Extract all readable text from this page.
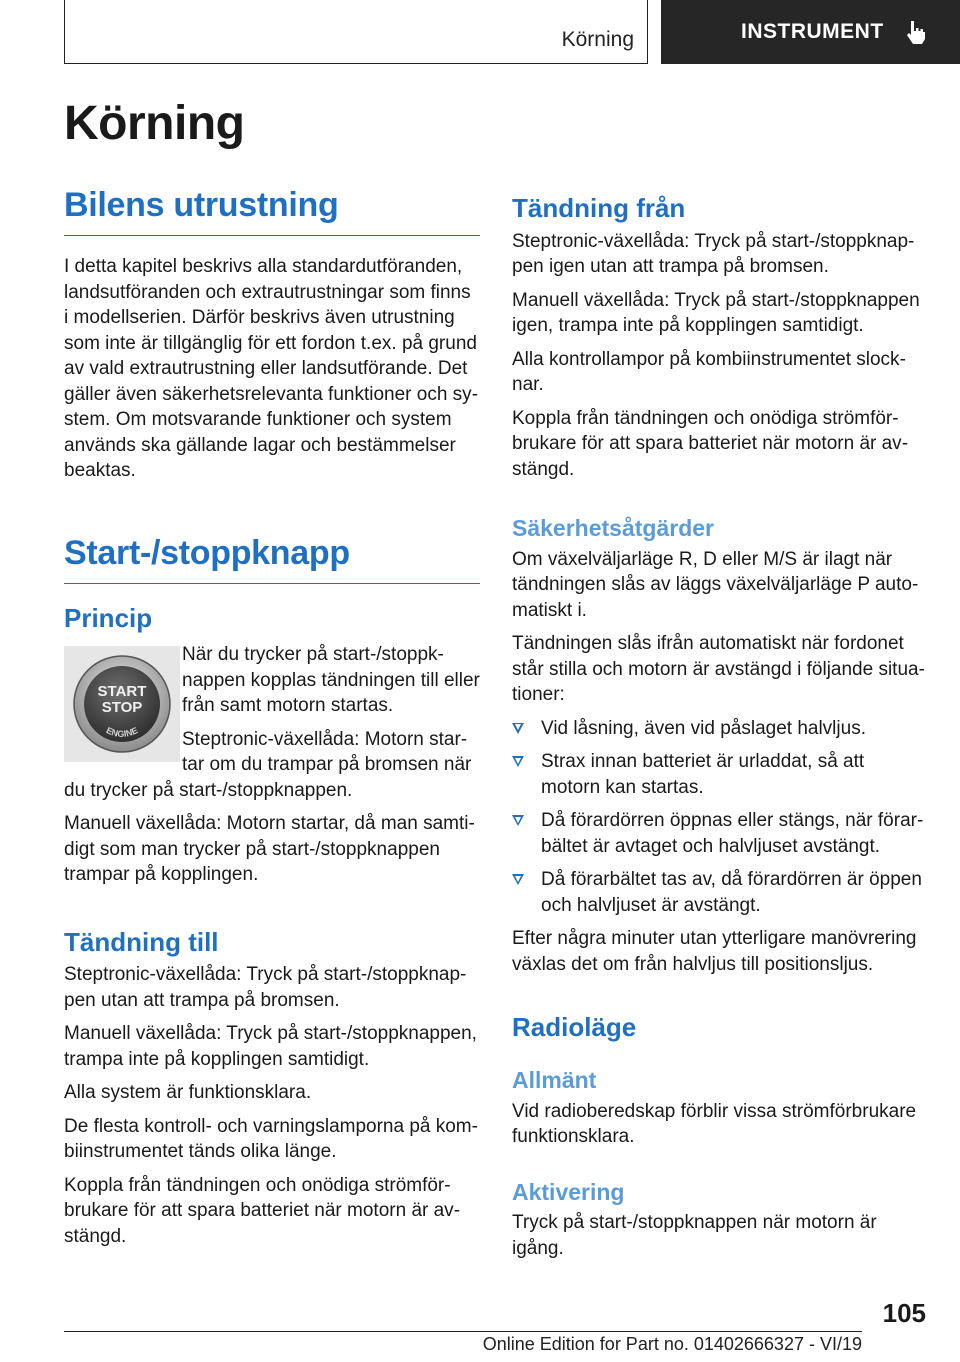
Körning	INSTRUMENT
Körning
Bilens utrustning

I detta kapitel beskrivs alla standardutföranden, landsutföranden och extrautrustningar som finns i modellserien. Därför beskrivs även utrustning som inte är tillgänglig för ett fordon t.ex. på grund av vald extrautrustning eller landsutförande. Det gäller även säkerhetsrelevanta funktioner och system. Om motsvarande funktioner och system används ska gällande lagar och bestämmelser beaktas.

Start-/stoppknapp
Princip
START
STOP
ENGINE

När du trycker på start-/stoppknappen kopplas tändningen till eller från samt motorn startas.

Steptronic-växellåda: Motorn startar om du trampar på bromsen när du trycker på start-/stoppknappen.

Manuell växellåda: Motorn startar, då man samtidigt som man trycker på start-/stoppknappen trampar på kopplingen.

Tändning till

Steptronic-växellåda: Tryck på start-/stoppknappen utan att trampa på bromsen.

Manuell växellåda: Tryck på start-/stoppknappen, trampa inte på kopplingen samtidigt.

Alla system är funktionsklara.

De flesta kontroll- och varningslamporna på kombiinstrumentet tänds olika länge.

Koppla från tändningen och onödiga strömförbrukare för att spara batteriet när motorn är avstängd.

Tändning från

Steptronic-växellåda: Tryck på start-/stoppknappen igen utan att trampa på bromsen.

Manuell växellåda: Tryck på start-/stoppknappen igen, trampa inte på kopplingen samtidigt.

Alla kontrollampor på kombiinstrumentet slocknar.

Koppla från tändningen och onödiga strömförbrukare för att spara batteriet när motorn är avstängd.

Säkerhetsåtgärder

Om växelväljarläge R, D eller M/S är ilagt när tändningen slås av läggs växelväljarläge P automatiskt i.

Tändningen slås ifrån automatiskt när fordonet står stilla och motorn är avstängd i följande situationer:

Vid låsning, även vid påslaget halvljus.
Strax innan batteriet är urladdat, så att motorn kan startas.
Då förardörren öppnas eller stängs, när förarbältet är avtaget och halvljuset avstängt.
Då förarbältet tas av, då förardörren är öppen och halvljuset är avstängt.

Efter några minuter utan ytterligare manövrering växlas det om från halvljus till positionsljus.

Radioläge
Allmänt

Vid radioberedskap förblir vissa strömförbrukare funktionsklara.

Aktivering

Tryck på start-/stoppknappen när motorn är igång.

105
Online Edition for Part no. 01402666327 - VI/19
